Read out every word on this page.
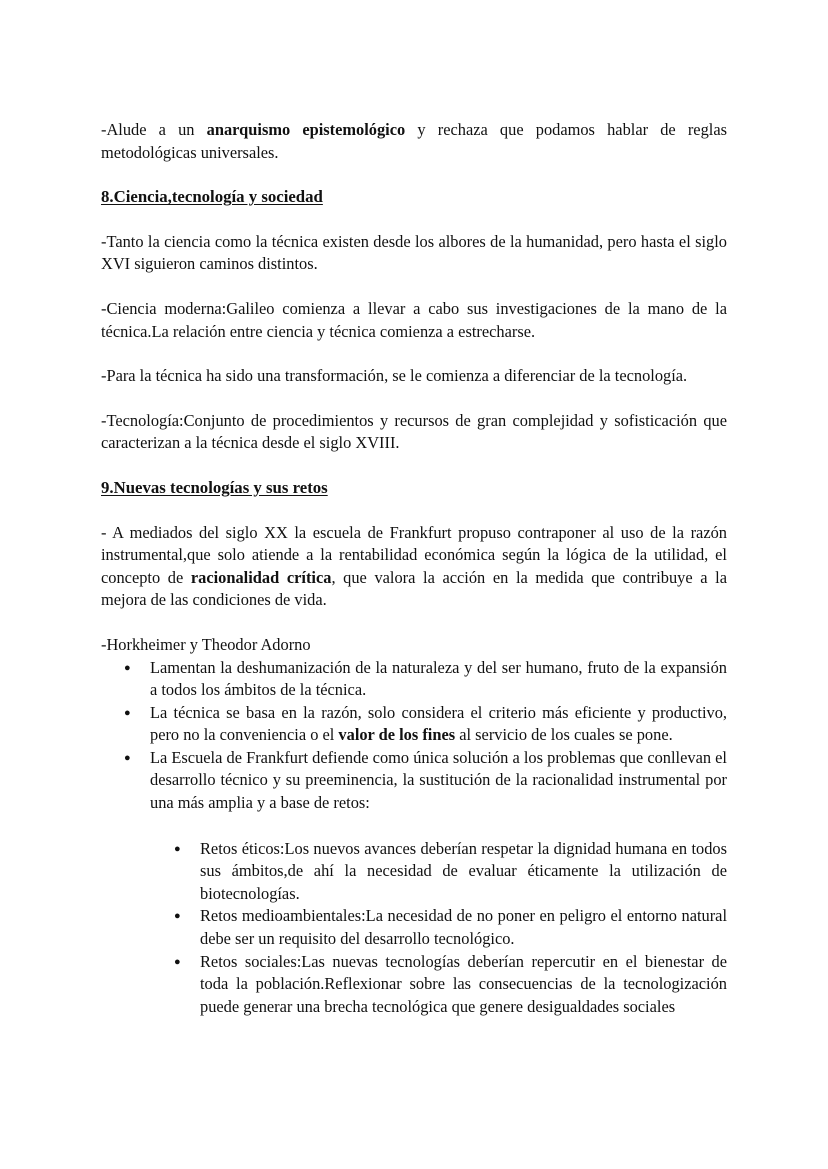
-Alude a un anarquismo epistemológico y rechaza que podamos hablar de reglas metodológicas universales.

8.Ciencia,tecnología y sociedad

-Tanto la ciencia como la técnica existen desde los albores de la humanidad, pero hasta el siglo XVI siguieron caminos distintos.

-Ciencia moderna:Galileo comienza a llevar a cabo sus investigaciones de la mano de la técnica.La relación entre ciencia y técnica comienza a estrecharse.

-Para la técnica ha sido una transformación, se le comienza a diferenciar de la tecnología.

-Tecnología:Conjunto de procedimientos y recursos de gran complejidad y sofisticación que caracterizan a la técnica desde el siglo XVIII.

9.Nuevas tecnologías y sus retos

- A mediados del siglo XX la escuela de Frankfurt propuso contraponer al uso de la razón instrumental,que solo atiende a la rentabilidad económica según la lógica de la utilidad, el concepto de racionalidad crítica, que valora la acción en la medida que contribuye a la mejora de las condiciones de vida.

-Horkheimer y Theodor Adorno

● Lamentan la deshumanización de la naturaleza y del ser humano, fruto de la expansión a todos los ámbitos de la técnica.
● La técnica se basa en la razón, solo considera el criterio más eficiente y productivo, pero no la conveniencia o el valor de los fines al servicio de los cuales se pone.
● La Escuela de Frankfurt defiende como única solución a los problemas que conllevan el desarrollo técnico y su preeminencia, la sustitución de la racionalidad instrumental por una más amplia y a base de retos:
● Retos éticos:Los nuevos avances deberían respetar la dignidad humana en todos sus ámbitos,de ahí la necesidad de evaluar éticamente la utilización de biotecnologías.
● Retos medioambientales:La necesidad de no poner en peligro el entorno natural debe ser un requisito del desarrollo tecnológico.
● Retos sociales:Las nuevas tecnologías deberían repercutir en el bienestar de toda la población.Reflexionar sobre las consecuencias de la tecnologización puede generar una brecha tecnológica que genere desigualdades sociales
